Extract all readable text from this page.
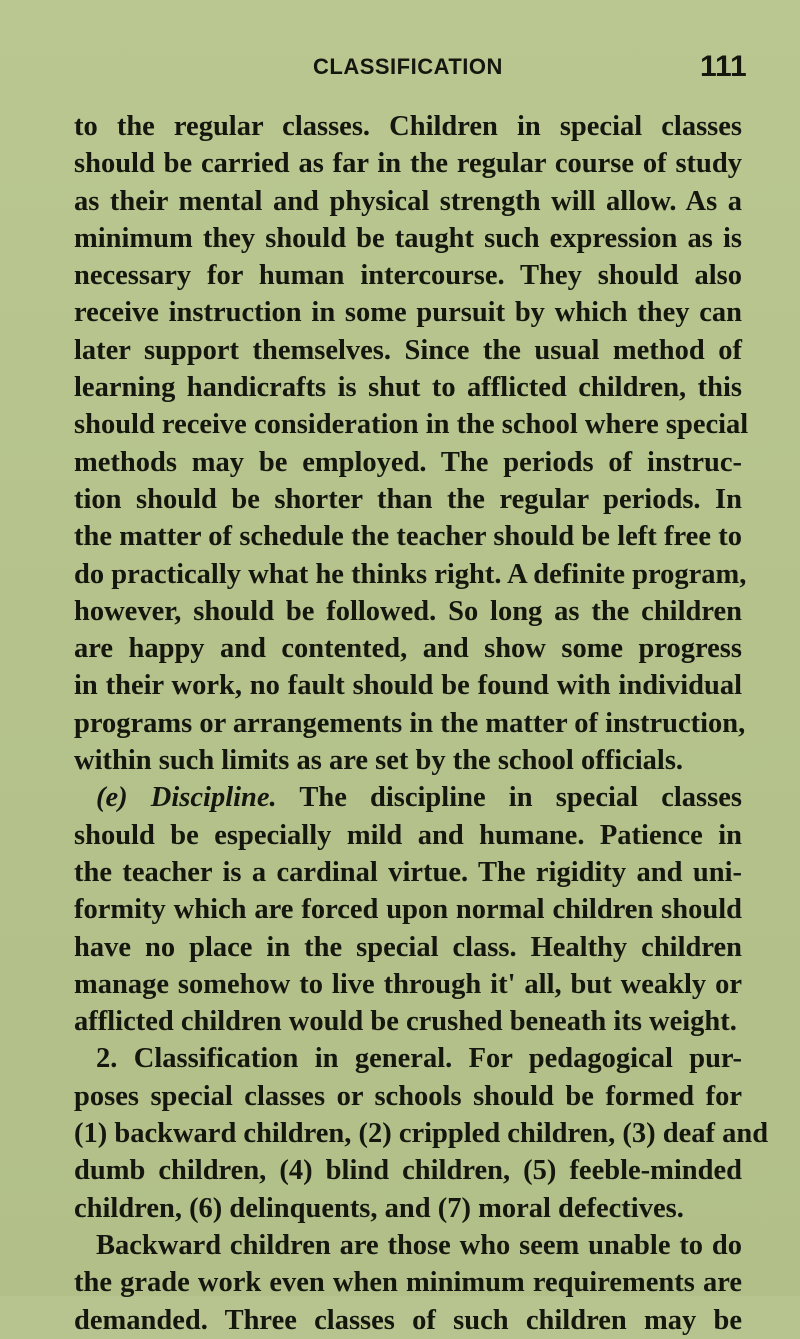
CLASSIFICATION	111
to the regular classes. Children in special classes
should be carried as far in the regular course of study
as their mental and physical strength will allow. As a
minimum they should be taught such expression as is
necessary for human intercourse. They should also
receive instruction in some pursuit by which they can
later support themselves. Since the usual method of
learning handicrafts is shut to afflicted children, this
should receive consideration in the school where special
methods may be employed. The periods of instruc-
tion should be shorter than the regular periods. In
the matter of schedule the teacher should be left free to
do practically what he thinks right. A definite program,
however, should be followed. So long as the children
are happy and contented, and show some progress
in their work, no fault should be found with individual
programs or arrangements in the matter of instruction,
within such limits as are set by the school officials.
(e) Discipline. The discipline in special classes
should be especially mild and humane. Patience in
the teacher is a cardinal virtue. The rigidity and uni-
formity which are forced upon normal children should
have no place in the special class. Healthy children
manage somehow to live through it' all, but weakly or
afflicted children would be crushed beneath its weight.
2. Classification in general. For pedagogical pur-
poses special classes or schools should be formed for
(1) backward children, (2) crippled children, (3) deaf and
dumb children, (4) blind children, (5) feeble-minded
children, (6) delinquents, and (7) moral defectives.
Backward children are those who seem unable to do
the grade work even when minimum requirements are
demanded. Three classes of such children may be
